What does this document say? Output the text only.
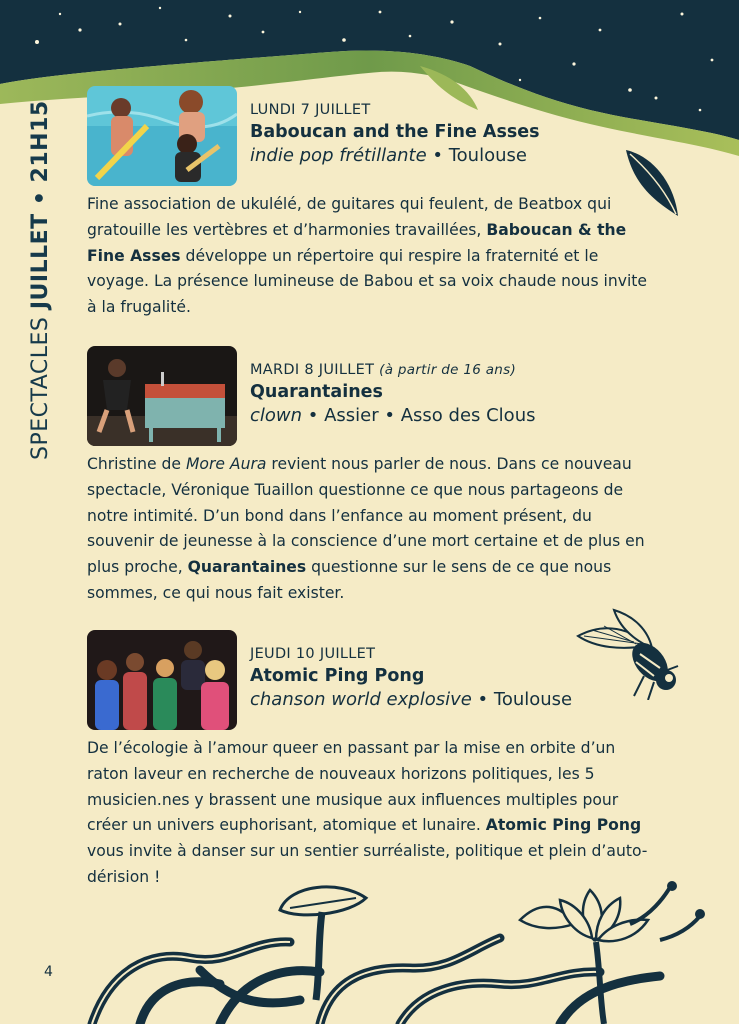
SPECTACLES JUILLET • 21H15	LUNDI 7 JUILLET
Baboucan and the Fine Asses
indie pop frétillante • Toulouse
Fine association de ukulélé, de guitares qui feulent, de Beatbox qui gratouille les vertèbres et d’harmonies travaillées, Baboucan & the Fine Asses développe un répertoire qui respire la fraternité et le voyage. La présence lumineuse de Babou et sa voix chaude nous invite à la frugalité.
MARDI 8 JUILLET (à partir de 16 ans)
Quarantaines
clown • Assier • Asso des Clous
Christine de More Aura revient nous parler de nous. Dans ce nouveau spectacle, Véronique Tuaillon questionne ce que nous partageons de notre intimité. D’un bond dans l’enfance au moment présent, du souvenir de jeunesse à la conscience d’une mort certaine et de plus en plus proche, Quarantaines questionne sur le sens de ce que nous sommes, ce qui nous fait exister.
JEUDI 10 JUILLET
Atomic Ping Pong
chanson world explosive • Toulouse
De l’écologie à l’amour queer en passant par la mise en orbite d’un raton laveur en recherche de nouveaux horizons politiques, les 5 musicien.nes y brassent une musique aux influences multiples pour créer un univers euphorisant, atomique et lunaire. Atomic Ping Pong vous invite à danser sur un sentier surréaliste, politique et plein d’auto-dérision !
4
